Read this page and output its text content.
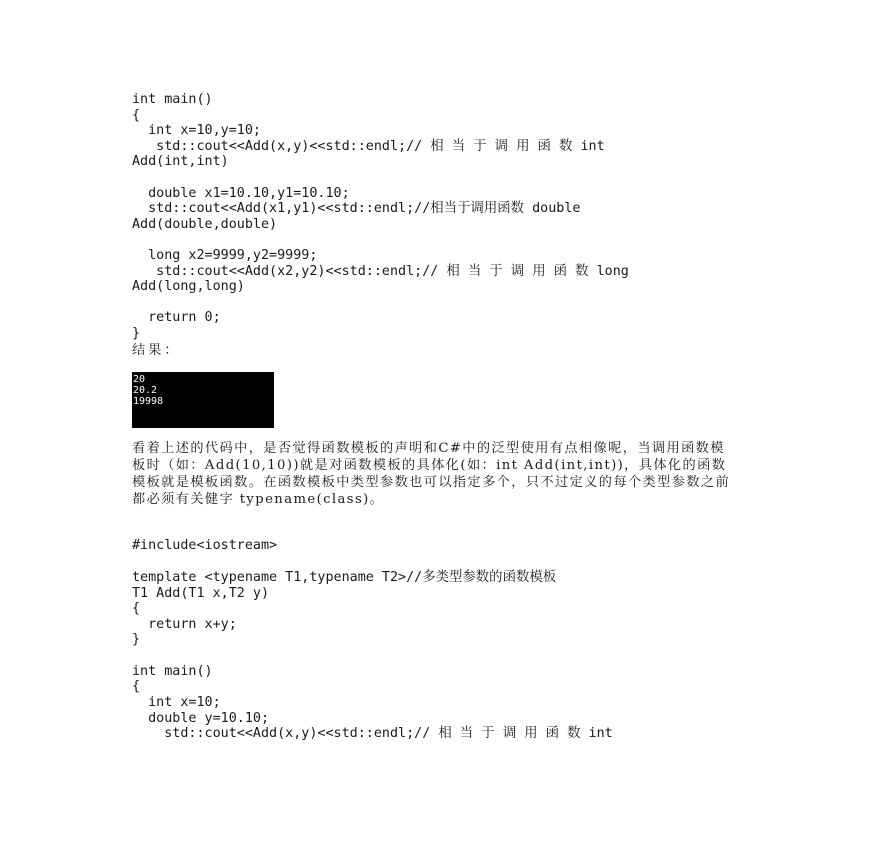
int main()
{
int x=10,y=10;
std::cout<<Add(x,y)<<std::endl;// 相 当 于 调 用 函 数 int
Add(int,int)
double x1=10.10,y1=10.10;
std::cout<<Add(x1,y1)<<std::endl;//相当于调用函数 double
Add(double,double)
long x2=9999,y2=9999;
std::cout<<Add(x2,y2)<<std::endl;// 相 当 于 调 用 函 数 long
Add(long,long)
return 0;
}
结果：
20
20.2
19998
看着上述的代码中，是否觉得函数模板的声明和C#中的泛型使用有点相像呢，当调用函数模板时（如：Add(10,10))就是对函数模板的具体化(如：int Add(int,int))，具体化的函数模板就是模板函数。在函数模板中类型参数也可以指定多个，只不过定义的每个类型参数之前都必须有关健字 typename(class)。
#include<iostream>
template <typename T1,typename T2>//多类型参数的函数模板
T1 Add(T1 x,T2 y)
{
return x+y;
}
int main()
{
int x=10;
double y=10.10;
std::cout<<Add(x,y)<<std::endl;// 相 当 于 调 用 函 数 int
